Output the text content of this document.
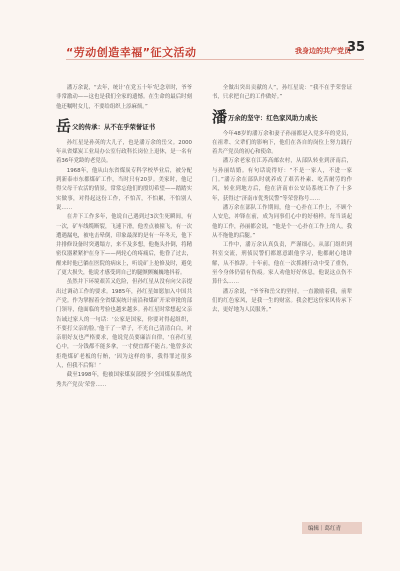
“劳动创造幸福”征文活动	我身边的共产党员
35

潘万余说，“去年，统计‘在党五十年’纪念章时，爷爷非常激动——这也是我们全家的遗憾。在生命的最后时刻他还嘱咐女儿，不要给组织上添麻烦。”

岳父的传承：从不在乎荣誉证书

孙红星是孙英的大儿子，也是潘万余的岳父。2000年从省煤炭工业局办公室行政科长岗位上退休，是一名有着36年党龄的老党员。

1968年，他从山东省煤炭专科学校毕业后，被分配到新泰市东都煤矿工作，当时只有20岁。美家时，他记得父母干农活的情景，常常忘他们的殷切希望——踏踏实实做事，对得起这份工作，不怕苦，不怕累，不怕别人说……

在井下工作多年，他说自己遇到过3次生死瞬间，有一次，矿车线缆断裂，飞速下滑，他差点被撞飞，有一次遭遇漏电，被电击晕倒，印象最深的是有一年冬天，他下井排修设备时突遇塌方，来不及多想，他拖头扑倒，将精密仪器紧紧护在身下——两轮心的疼痛后，他昏了过去，醒来时他已躺在医院的病床上，听说矿上抢修及时，避免了更大损失，他说才感受到自己的腿颤颤巍巍地抖着。

虽然井下环境艰苦又危险，但孙红星从没有向父亲提出过调动工作的要求。1985年，孙红星如愿加入中国共产党。作为掌握着全省煤炭统计前沿和煤矿开采审批的部门领导，他面临的考验也越来越多。孙红星时常想起父亲告诫过家人的一句话：‘公家是国家，你要对得起组织，不要打父亲的脸。’他干了一辈子，不光自己清清白白，对亲朋好友也严格要求，他说党员要廉洁自律，‘在孙红星心中，一分钱都不能多拿，一寸便宜都不能占。’他曾多次拒绝煤矿老板的行贿，‘因为这样的事，我得罪过很多人，但我不后悔！’

截至1998年，他被国家煤炭部授予‘全国煤炭系统优秀共产党员’荣誉……

全做出突出贡献的人”，孙红星说：“我不在乎荣誉证书，只求把自己的工作做好。”

潘万余的坚守：红色家风助力成长

今年48岁的潘万余和妻子孙丽都是入党多年的党员，在祖辈、父辈们的影响下，他们在各自的岗位上努力践行着共产党员的初心和使命。

潘万余老家在江苏高邮农村，从部队转业到济南后，与孙丽结婚。有句话说得好：“不是一家人，不进一家门。”潘万余在部队时就养成了艰苦朴素、吃苦耐劳的作风，转业到地方后，他在济南市公安局系统工作了十多年，获得过“济南市优秀民警”等荣誉称号……

潘万余在部队工作期间，他一心扑在工作上，不顾个人安危，冲锋在前，成为同事们心中的好榜样。每当谈起他的工作，孙丽都会说，“他是个一心扑在工作上的人，我从不拖他的后腿。”

工作中，潘万余认真负责，严谨细心。从部门组织到科室交流，刑侦民警们都愿意跟他学习，他都耐心地讲解，从不推辞。十年前，他在一次抓捕行动中受了重伤，至今身体仍留有伤痕。家人劝他好好休息，他说这点伤不算什么……

潘万余说，“爷爷和岳父的坚持，一直激励着我，前辈们的红色家风，是我一生的财富。我会把这份家风传承下去，更好地为人民服务。”

编辑｜葛红青
